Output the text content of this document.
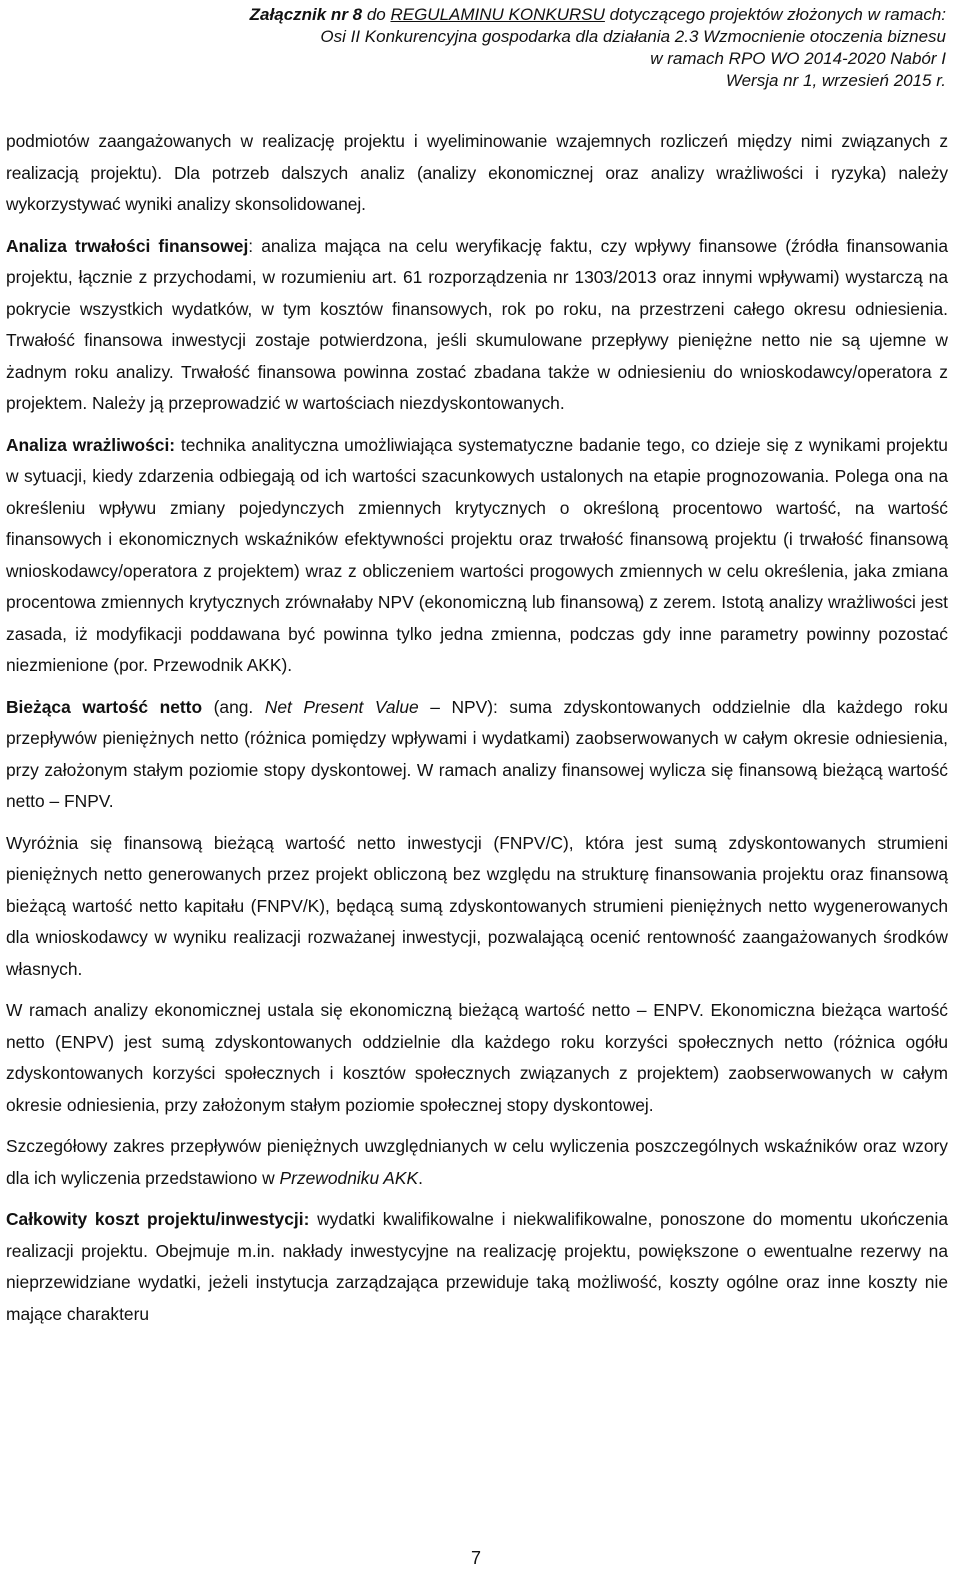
Załącznik nr 8 do REGULAMINU KONKURSU dotyczącego projektów złożonych w ramach:
Osi II Konkurencyjna gospodarka dla działania 2.3 Wzmocnienie otoczenia biznesu
w ramach RPO WO 2014-2020 Nabór I
Wersja nr 1, wrzesień 2015 r.

podmiotów zaangażowanych w realizację projektu i wyeliminowanie wzajemnych rozliczeń między nimi związanych z realizacją projektu). Dla potrzeb dalszych analiz (analizy ekonomicznej oraz analizy wrażliwości i ryzyka) należy wykorzystywać wyniki analizy skonsolidowanej.

Analiza trwałości finansowej: analiza mająca na celu weryfikację faktu, czy wpływy finansowe (źródła finansowania projektu, łącznie z przychodami, w rozumieniu art. 61 rozporządzenia nr 1303/2013 oraz innymi wpływami) wystarczą na pokrycie wszystkich wydatków, w tym kosztów finansowych, rok po roku, na przestrzeni całego okresu odniesienia. Trwałość finansowa inwestycji zostaje potwierdzona, jeśli skumulowane przepływy pieniężne netto nie są ujemne w żadnym roku analizy. Trwałość finansowa powinna zostać zbadana także w odniesieniu do wnioskodawcy/operatora z projektem. Należy ją przeprowadzić w wartościach niezdyskontowanych.

Analiza wrażliwości: technika analityczna umożliwiająca systematyczne badanie tego, co dzieje się z wynikami projektu w sytuacji, kiedy zdarzenia odbiegają od ich wartości szacunkowych ustalonych na etapie prognozowania. Polega ona na określeniu wpływu zmiany pojedynczych zmiennych krytycznych o określoną procentowo wartość, na wartość finansowych i ekonomicznych wskaźników efektywności projektu oraz trwałość finansową projektu (i trwałość finansową wnioskodawcy/operatora z projektem) wraz z obliczeniem wartości progowych zmiennych w celu określenia, jaka zmiana procentowa zmiennych krytycznych zrównałaby NPV (ekonomiczną lub finansową) z zerem. Istotą analizy wrażliwości jest zasada, iż modyfikacji poddawana być powinna tylko jedna zmienna, podczas gdy inne parametry powinny pozostać niezmienione (por. Przewodnik AKK).

Bieżąca wartość netto (ang. Net Present Value – NPV): suma zdyskontowanych oddzielnie dla każdego roku przepływów pieniężnych netto (różnica pomiędzy wpływami i wydatkami) zaobserwowanych w całym okresie odniesienia, przy założonym stałym poziomie stopy dyskontowej. W ramach analizy finansowej wylicza się finansową bieżącą wartość netto – FNPV.

Wyróżnia się finansową bieżącą wartość netto inwestycji (FNPV/C), która jest sumą zdyskontowanych strumieni pieniężnych netto generowanych przez projekt obliczoną bez względu na strukturę finansowania projektu oraz finansową bieżącą wartość netto kapitału (FNPV/K), będącą sumą zdyskontowanych strumieni pieniężnych netto wygenerowanych dla wnioskodawcy w wyniku realizacji rozważanej inwestycji, pozwalającą ocenić rentowność zaangażowanych środków własnych.

W ramach analizy ekonomicznej ustala się ekonomiczną bieżącą wartość netto – ENPV. Ekonomiczna bieżąca wartość netto (ENPV) jest sumą zdyskontowanych oddzielnie dla każdego roku korzyści społecznych netto (różnica ogółu zdyskontowanych korzyści społecznych i kosztów społecznych związanych z projektem) zaobserwowanych w całym okresie odniesienia, przy założonym stałym poziomie społecznej stopy dyskontowej.

Szczegółowy zakres przepływów pieniężnych uwzględnianych w celu wyliczenia poszczególnych wskaźników oraz wzory dla ich wyliczenia przedstawiono w Przewodniku AKK.

Całkowity koszt projektu/inwestycji: wydatki kwalifikowalne i niekwalifikowalne, ponoszone do momentu ukończenia realizacji projektu. Obejmuje m.in. nakłady inwestycyjne na realizację projektu, powiększone o ewentualne rezerwy na nieprzewidziane wydatki, jeżeli instytucja zarządzająca przewiduje taką możliwość, koszty ogólne oraz inne koszty nie mające charakteru

7
